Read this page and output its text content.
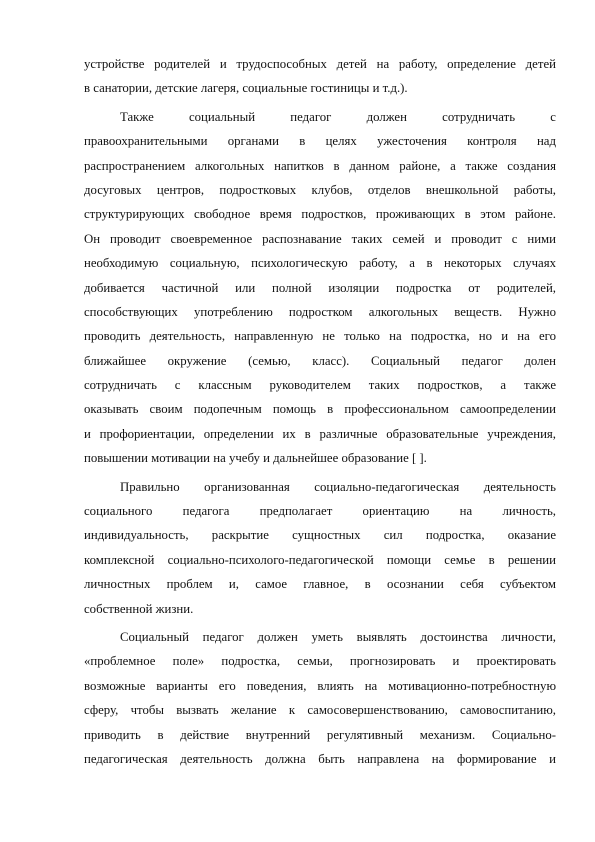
устройстве родителей и трудоспособных детей на работу, определение детей
в санатории, детские лагеря, социальные гостиницы и т.д.).
Также социальный педагог должен сотрудничать с
правоохранительными органами в целях ужесточения контроля над
распространением алкогольных напитков в данном районе, а также создания
досуговых центров, подростковых клубов, отделов внешкольной работы,
структурирующих свободное время подростков, проживающих в этом районе.
Он проводит своевременное распознавание таких семей и проводит с ними
необходимую социальную, психологическую работу, а в некоторых случаях
добивается частичной или полной изоляции подростка от родителей,
способствующих употреблению подростком алкогольных веществ. Нужно
проводить деятельность, направленную не только на подростка, но и на его
ближайшее окружение (семью, класс). Социальный педагог долен
сотрудничать с классным руководителем таких подростков, а также
оказывать своим подопечным помощь в профессиональном самоопределении
и профориентации, определении их в различные образовательные учреждения,
повышении мотивации на учебу и дальнейшее образование [ ].
Правильно организованная социально-педагогическая деятельность
социального педагога предполагает ориентацию на личность,
индивидуальность, раскрытие сущностных сил подростка, оказание
комплексной социально-психолого-педагогической помощи семье в решении
личностных проблем и, самое главное, в осознании себя субъектом
собственной жизни.
Социальный педагог должен уметь выявлять достоинства личности,
«проблемное поле» подростка, семьи, прогнозировать и проектировать
возможные варианты его поведения, влиять на мотивационно-потребностную
сферу, чтобы вызвать желание к самосовершенствованию, самовоспитанию,
приводить в действие внутренний регулятивный механизм. Социально-
педагогическая деятельность должна быть направлена на формирование и
